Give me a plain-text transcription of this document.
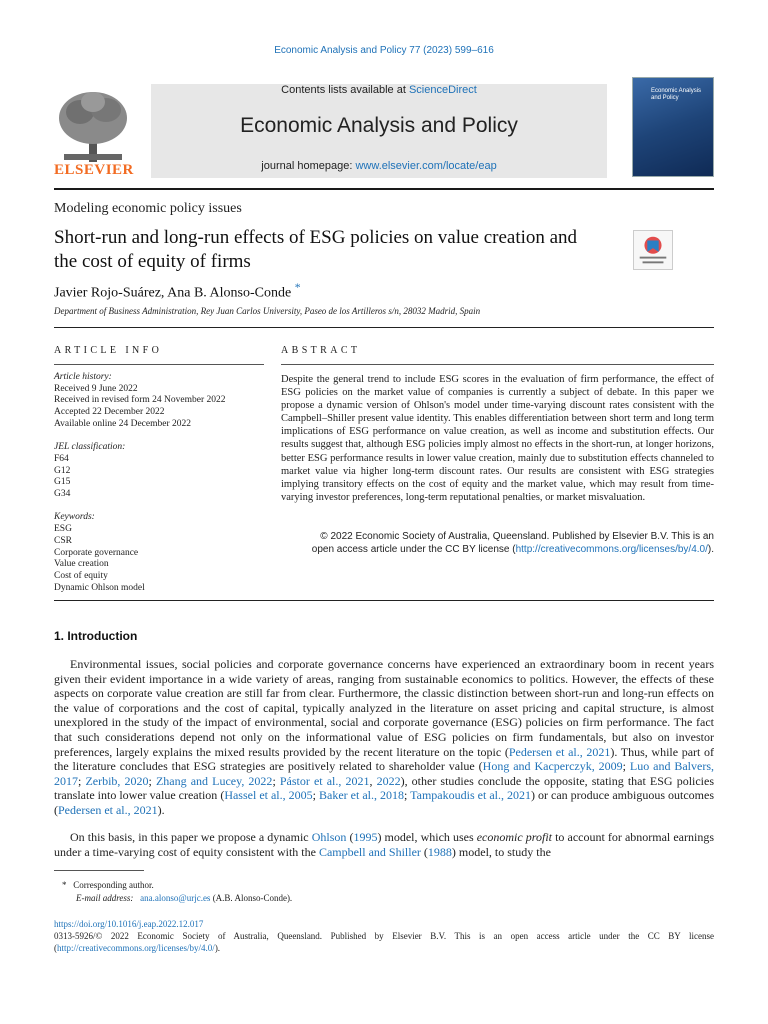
Economic Analysis and Policy 77 (2023) 599–616
ELSEVIER
Contents lists available at ScienceDirect
Economic Analysis and Policy
journal homepage: www.elsevier.com/locate/eap
Economic Analysis and Policy
Modeling economic policy issues
Short-run and long-run effects of ESG policies on value creation and the cost of equity of firms
Javier Rojo-Suárez, Ana B. Alonso-Conde *
Department of Business Administration, Rey Juan Carlos University, Paseo de los Artilleros s/n, 28032 Madrid, Spain
ARTICLE INFO
Article history:
Received 9 June 2022
Received in revised form 24 November 2022
Accepted 22 December 2022
Available online 24 December 2022
JEL classification:
F64
G12
G15
G34
Keywords:
ESG
CSR
Corporate governance
Value creation
Cost of equity
Dynamic Ohlson model
ABSTRACT
Despite the general trend to include ESG scores in the evaluation of firm performance, the effect of ESG policies on the market value of companies is currently a subject of debate. In this paper we propose a dynamic version of Ohlson's model under time-varying discount rates consistent with the Campbell–Shiller present value identity. This enables differentiation between short term and long term implications of ESG performance on value creation, as well as income and substitution effects. Our results suggest that, although ESG policies imply almost no effects in the short-run, at longer horizons, better ESG performance results in lower value creation, mainly due to substitution effects channeled to market value via higher long-term discount rates. Our results are consistent with ESG strategies implying transitory effects on the cost of equity and the market value, which may result from time-varying investor preferences, long-term reputational penalties, or market misvaluation.
© 2022 Economic Society of Australia, Queensland. Published by Elsevier B.V. This is an
open access article under the CC BY license (http://creativecommons.org/licenses/by/4.0/).
1. Introduction
Environmental issues, social policies and corporate governance concerns have experienced an extraordinary boom in recent years given their evident importance in a wide variety of areas, ranging from sustainable economics to politics. However, the effects of these aspects on corporate value creation are still far from clear. Furthermore, the classic distinction between short-run and long-run effects on the value of corporations and the cost of capital, typically analyzed in the literature on asset pricing and capital structure, is almost unexplored in the study of the impact of environmental, social and corporate governance (ESG) policies on firm performance. The fact that such considerations depend not only on the informational value of ESG policies on firm fundamentals, but also on investor preferences, largely explains the mixed results provided by the recent literature on the topic (Pedersen et al., 2021). Thus, while part of the literature concludes that ESG strategies are positively related to shareholder value (Hong and Kacperczyk, 2009; Luo and Balvers, 2017; Zerbib, 2020; Zhang and Lucey, 2022; Pástor et al., 2021, 2022), other studies conclude the opposite, stating that ESG policies translate into lower value creation (Hassel et al., 2005; Baker et al., 2018; Tampakoudis et al., 2021) or can produce ambiguous outcomes (Pedersen et al., 2021).
On this basis, in this paper we propose a dynamic Ohlson (1995) model, which uses economic profit to account for abnormal earnings under a time-varying cost of equity consistent with the Campbell and Shiller (1988) model, to study the
* Corresponding author.
E-mail address: ana.alonso@urjc.es (A.B. Alonso-Conde).
https://doi.org/10.1016/j.eap.2022.12.017
0313-5926/© 2022 Economic Society of Australia, Queensland. Published by Elsevier B.V. This is an open access article under the CC BY license (http://creativecommons.org/licenses/by/4.0/).
